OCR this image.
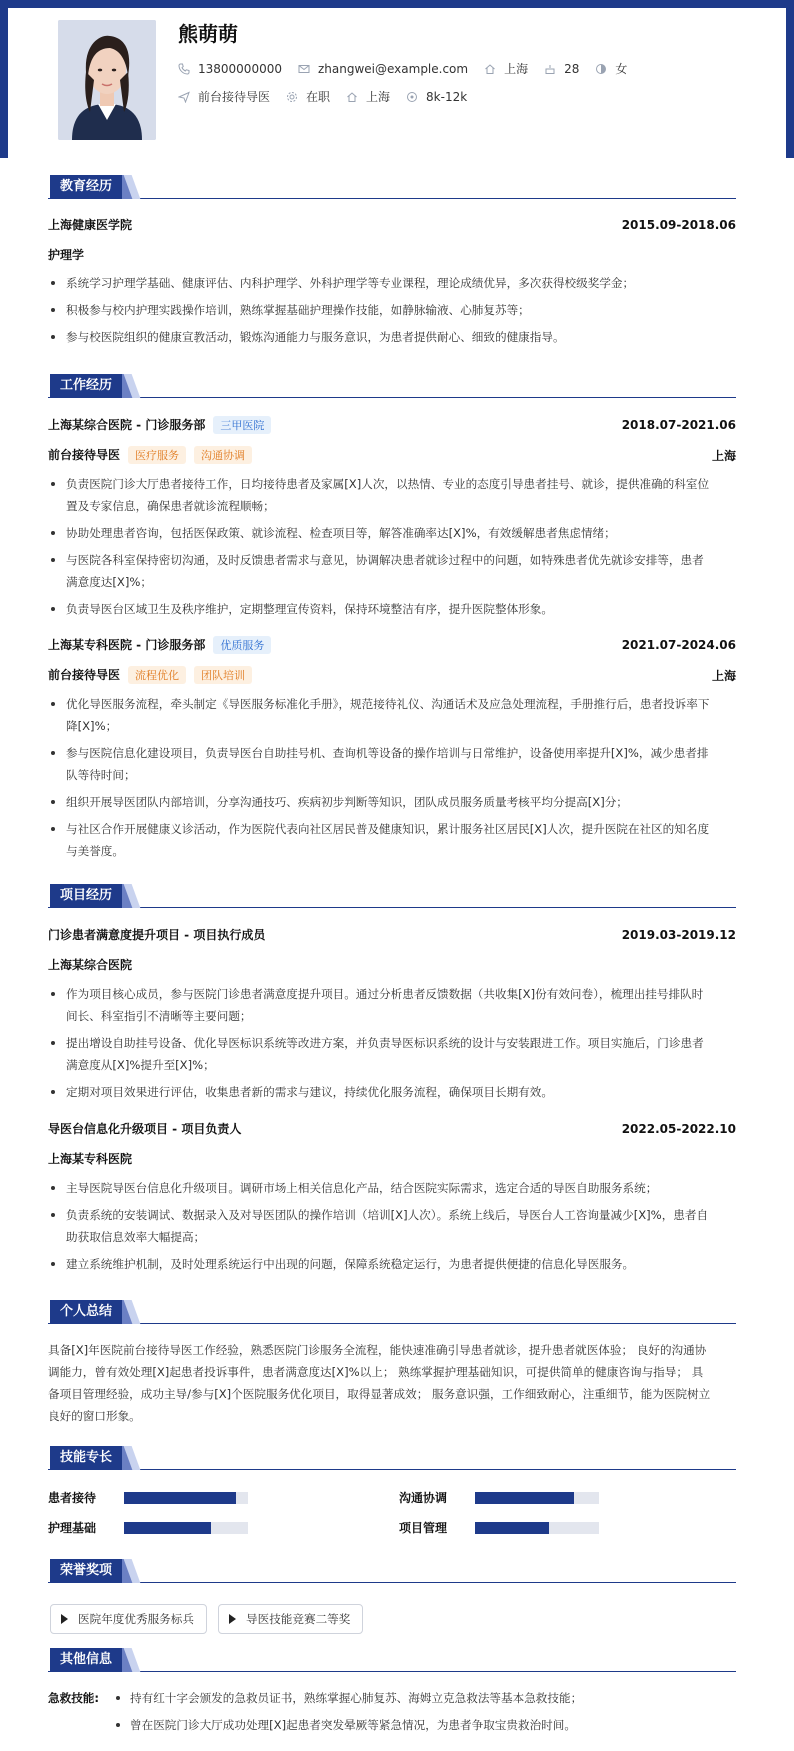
熊萌萌
13800000000	zhangwei@example.com	上海	28	女
前台接待导医	在职	上海	8k-12k
教育经历
上海健康医学院	2015.09-2018.06
护理学
系统学习护理学基础、健康评估、内科护理学、外科护理学等专业课程，理论成绩优异，多次获得校级奖学金；
积极参与校内护理实践操作培训，熟练掌握基础护理操作技能，如静脉输液、心肺复苏等；
参与校医院组织的健康宣教活动，锻炼沟通能力与服务意识，为患者提供耐心、细致的健康指导。
工作经历
上海某综合医院 - 门诊服务部 三甲医院	2018.07-2021.06
前台接待导医 医疗服务 沟通协调	上海
负责医院门诊大厅患者接待工作，日均接待患者及家属[X]人次，以热情、专业的态度引导患者挂号、就诊，提供准确的科室位
置及专家信息，确保患者就诊流程顺畅；
协助处理患者咨询，包括医保政策、就诊流程、检查项目等，解答准确率达[X]%，有效缓解患者焦虑情绪；
与医院各科室保持密切沟通，及时反馈患者需求与意见，协调解决患者就诊过程中的问题，如特殊患者优先就诊安排等，患者
满意度达[X]%；
负责导医台区域卫生及秩序维护，定期整理宣传资料，保持环境整洁有序，提升医院整体形象。
上海某专科医院 - 门诊服务部 优质服务	2021.07-2024.06
前台接待导医 流程优化 团队培训	上海
优化导医服务流程，牵头制定《导医服务标准化手册》，规范接待礼仪、沟通话术及应急处理流程，手册推行后，患者投诉率下
降[X]%；
参与医院信息化建设项目，负责导医台自助挂号机、查询机等设备的操作培训与日常维护，设备使用率提升[X]%，减少患者排
队等待时间；
组织开展导医团队内部培训，分享沟通技巧、疾病初步判断等知识，团队成员服务质量考核平均分提高[X]分；
与社区合作开展健康义诊活动，作为医院代表向社区居民普及健康知识，累计服务社区居民[X]人次，提升医院在社区的知名度
与美誉度。
项目经历
门诊患者满意度提升项目 - 项目执行成员	2019.03-2019.12
上海某综合医院
作为项目核心成员，参与医院门诊患者满意度提升项目。通过分析患者反馈数据（共收集[X]份有效问卷），梳理出挂号排队时
间长、科室指引不清晰等主要问题；
提出增设自助挂号设备、优化导医标识系统等改进方案，并负责导医标识系统的设计与安装跟进工作。项目实施后，门诊患者
满意度从[X]%提升至[X]%；
定期对项目效果进行评估，收集患者新的需求与建议，持续优化服务流程，确保项目长期有效。
导医台信息化升级项目 - 项目负责人	2022.05-2022.10
上海某专科医院
主导医院导医台信息化升级项目。调研市场上相关信息化产品，结合医院实际需求，选定合适的导医自助服务系统；
负责系统的安装调试、数据录入及对导医团队的操作培训（培训[X]人次）。系统上线后，导医台人工咨询量减少[X]%，患者自
助获取信息效率大幅提高；
建立系统维护机制，及时处理系统运行中出现的问题，保障系统稳定运行，为患者提供便捷的信息化导医服务。
个人总结
具备[X]年医院前台接待导医工作经验，熟悉医院门诊服务全流程，能快速准确引导患者就诊，提升患者就医体验； 良好的沟通协
调能力，曾有效处理[X]起患者投诉事件，患者满意度达[X]%以上； 熟练掌握护理基础知识，可提供简单的健康咨询与指导； 具
备项目管理经验，成功主导/参与[X]个医院服务优化项目，取得显著成效； 服务意识强，工作细致耐心，注重细节，能为医院树立
良好的窗口形象。
技能专长
患者接待	沟通协调
护理基础	项目管理
荣誉奖项
医院年度优秀服务标兵	导医技能竞赛二等奖
其他信息
急救技能:	持有红十字会颁发的急救员证书，熟练掌握心肺复苏、海姆立克急救法等基本急救技能；
曾在医院门诊大厅成功处理[X]起患者突发晕厥等紧急情况，为患者争取宝贵救治时间。
